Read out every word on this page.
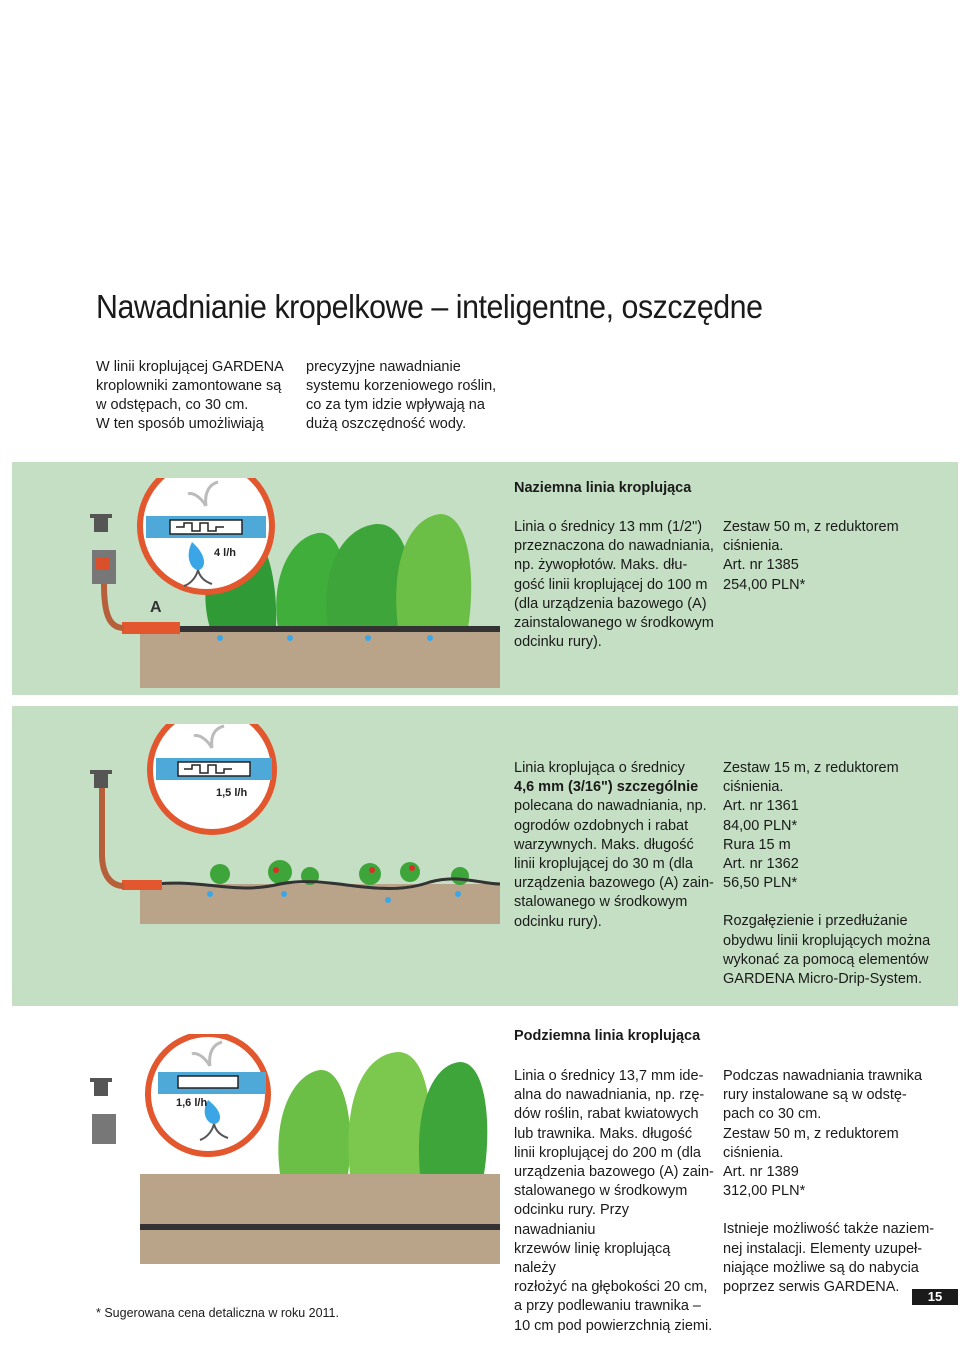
Nawadnianie kropelkowe – inteligentne, oszczędne
W linii kroplującej GARDENA
kroplowniki zamontowane są
w odstępach, co 30 cm.
W ten sposób umożliwiają
precyzyjne nawadnianie
systemu korzeniowego roślin,
co za tym idzie wpływają na
dużą oszczędność wody.
Naziemna linia kroplująca
4 l/h
A

Linia o średnicy 13 mm (1/2")

przeznaczona do nawadniania,

np. żywopłotów. Maks. dłu-

gość linii kroplującej do 100 m

(dla urządzenia bazowego (A)

zainstalowanego w środkowym

odcinku rury).

Zestaw 50 m, z reduktorem

ciśnienia.

Art. nr 1385

254,00 PLN*

1,5 l/h

Linia kroplująca o średnicy

4,6 mm (3/16") szczególnie

polecana do nawadniania, np.

ogrodów ozdobnych i rabat

warzywnych. Maks. długość

linii kroplującej do 30 m (dla

urządzenia bazowego (A) zain-

stalowanego w środkowym

odcinku rury).

Zestaw 15 m, z reduktorem

ciśnienia.

Art. nr 1361

84,00 PLN*

Rura 15 m

Art. nr 1362

56,50 PLN*

Rozgałęzienie i przedłużanie

obydwu linii kroplujących można

wykonać za pomocą elementów

GARDENA Micro-Drip-System.

Podziemna linia kroplująca
1,6 l/h

Linia o średnicy 13,7 mm ide-

alna do nawadniania, np. rzę-

dów roślin, rabat kwiatowych

lub trawnika. Maks. długość

linii kroplującej do 200 m (dla

urządzenia bazowego (A) zain-

stalowanego w środkowym

odcinku rury. Przy nawadnianiu

krzewów linię kroplującą należy

rozłożyć na głębokości 20 cm,

a przy podlewaniu trawnika –

10 cm pod powierzchnią ziemi.

Podczas nawadniania trawnika

rury instalowane są w odstę-

pach co 30 cm.

Zestaw 50 m, z reduktorem

ciśnienia.

Art. nr 1389

312,00 PLN*

Istnieje możliwość także naziem-

nej instalacji. Elementy uzupeł-

niające możliwe są do nabycia

poprzez serwis GARDENA.

* Sugerowana cena detaliczna w roku 2011.
15
